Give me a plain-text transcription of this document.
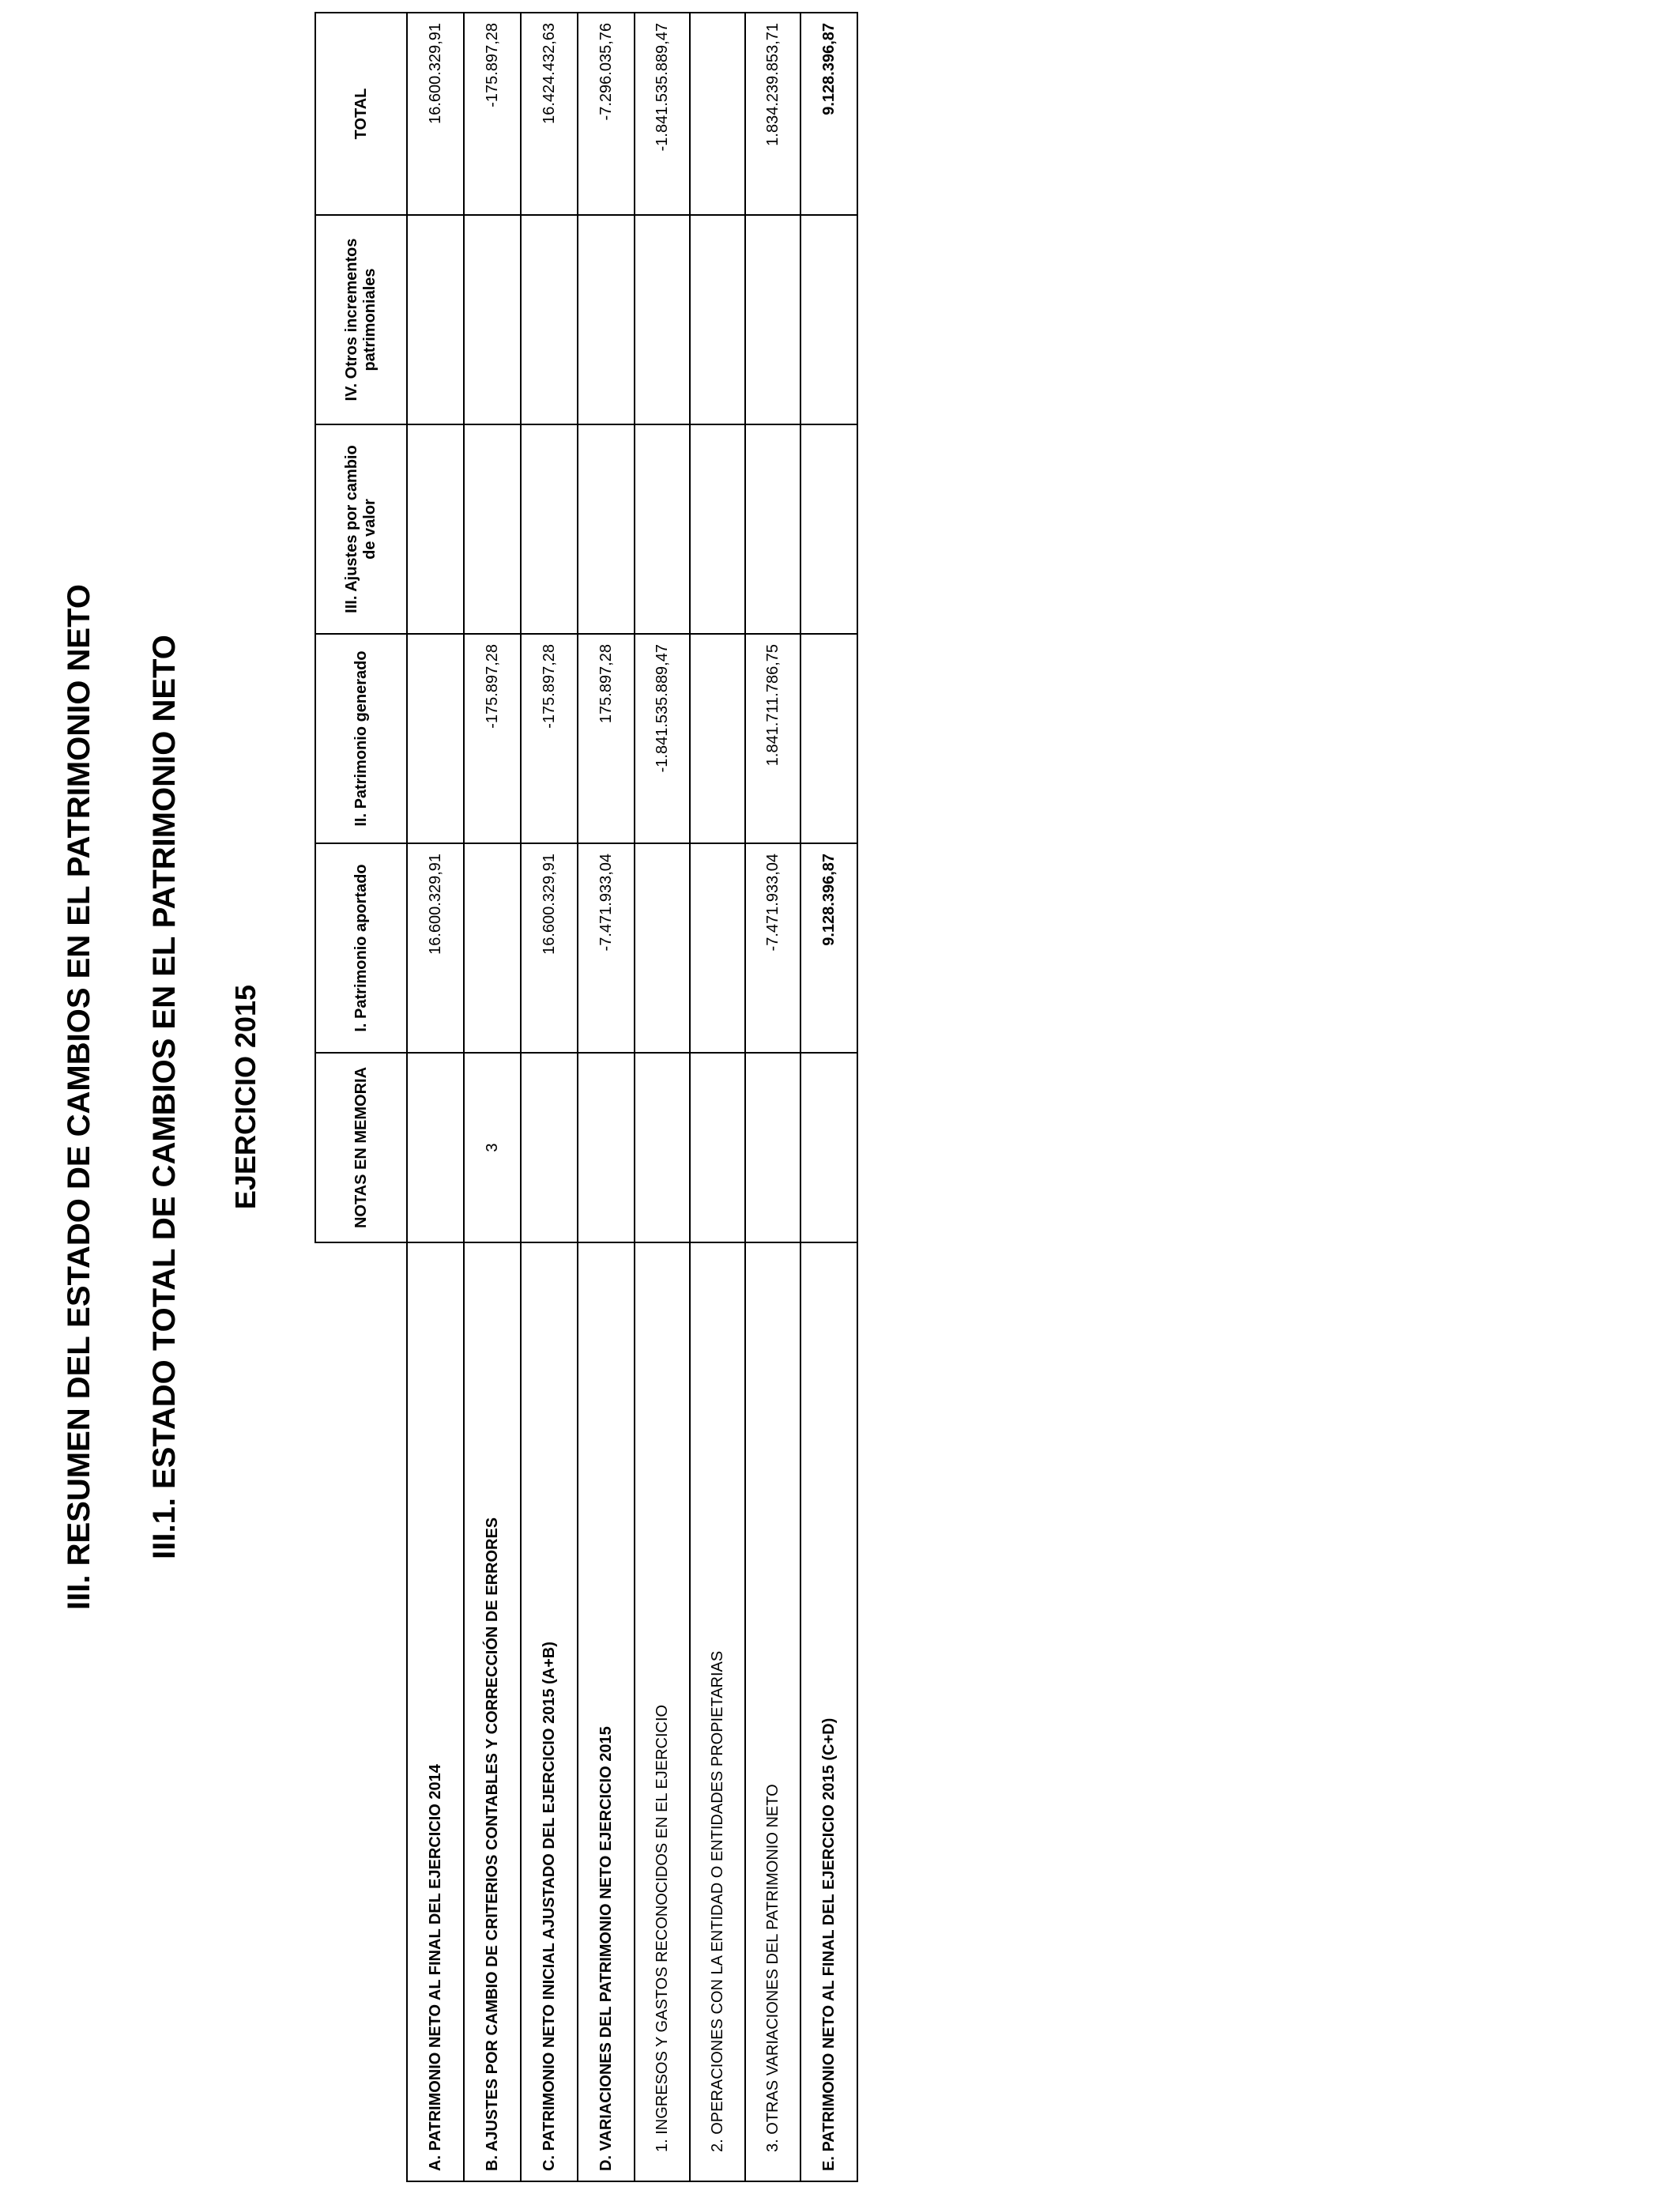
III. RESUMEN DEL ESTADO DE CAMBIOS EN EL PATRIMONIO NETO III.1. ESTADO TOTAL DE CAMBIOS EN EL PATRIMONIO NETO EJERCICIO 2015
		NOTAS EN MEMORIA	I. Patrimonio aportado	II. Patrimonio generado	III. Ajustes por cambio de valor	IV. Otros incrementos patrimoniales	TOTAL
A. PATRIMONIO NETO AL FINAL DEL EJERCICIO 2014		16.600.329,91				16.600.329,91
B. AJUSTES POR CAMBIO DE CRITERIOS CONTABLES Y CORRECCIÓN DE ERRORES	3		-175.897,28			-175.897,28
C. PATRIMONIO NETO INICIAL AJUSTADO DEL EJERCICIO 2015 (A+B)		16.600.329,91	-175.897,28			16.424.432,63
D. VARIACIONES DEL PATRIMONIO NETO EJERCICIO 2015		-7.471.933,04	175.897,28			-7.296.035,76
1. INGRESOS Y GASTOS RECONOCIDOS EN EL EJERCICIO			-1.841.535.889,47			-1.841.535.889,47
2. OPERACIONES CON LA ENTIDAD O ENTIDADES PROPIETARIAS						
3. OTRAS VARIACIONES DEL PATRIMONIO NETO		-7.471.933,04	1.841.711.786,75			1.834.239.853,71
E. PATRIMONIO NETO AL FINAL DEL EJERCICIO 2015 (C+D)		9.128.396,87				9.128.396,87
